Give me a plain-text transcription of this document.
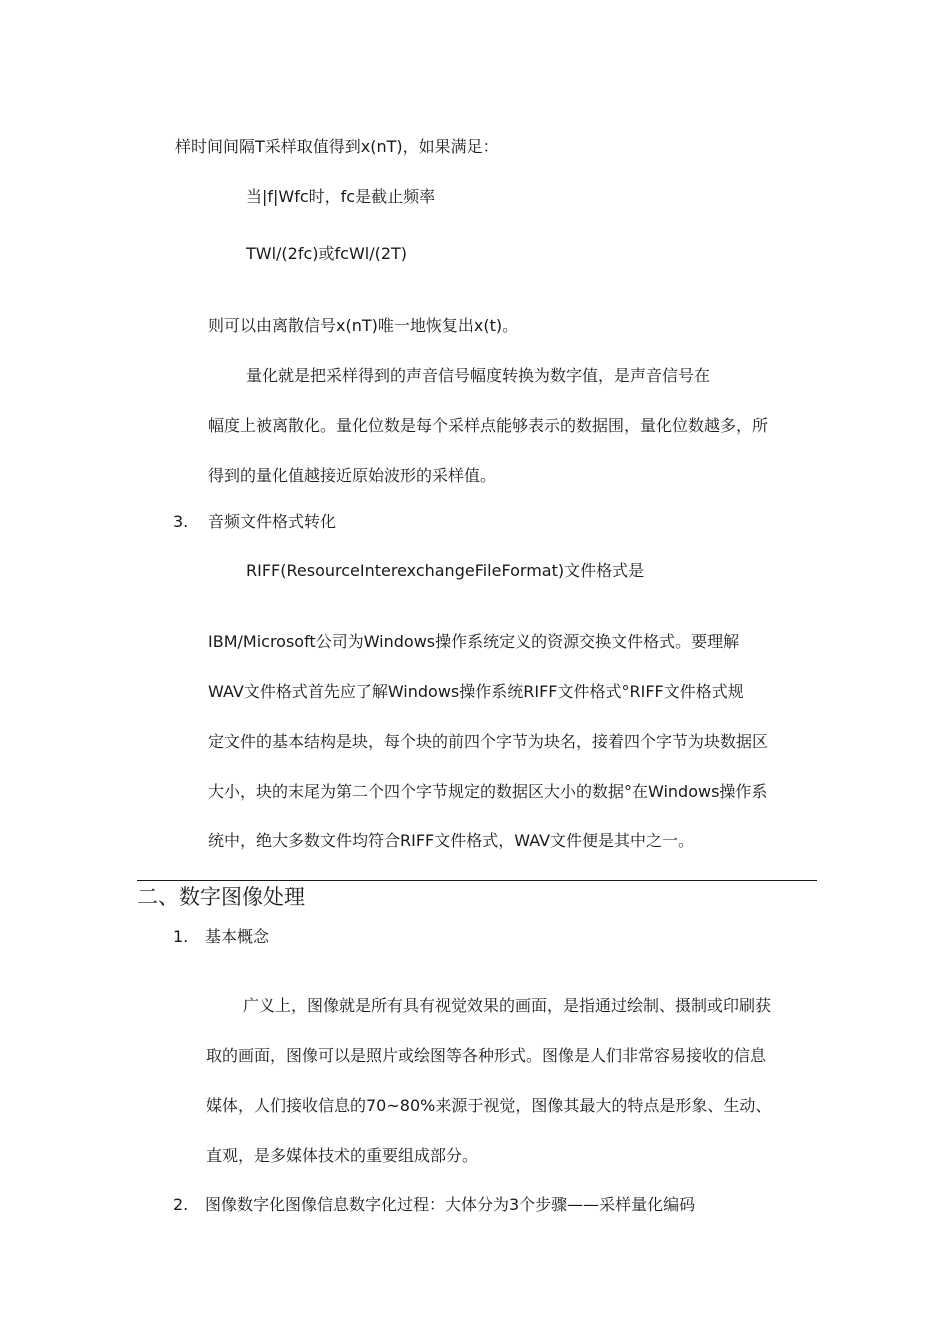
样时间间隔T采样取值得到x(nT)，如果满足：

当|f|Wfc时，fc是截止频率

TWl/(2fc)或fcWl/(2T)

则可以由离散信号x(nT)唯一地恢复出x(t)。

量化就是把采样得到的声音信号幅度转换为数字值，是声音信号在

幅度上被离散化。量化位数是每个采样点能够表示的数据围，量化位数越多，所

得到的量化值越接近原始波形的采样值。

3. 音频文件格式转化

RIFF(ResourceInterexchangeFileFormat)文件格式是

IBM/Microsoft公司为Windows操作系统定义的资源交换文件格式。要理解

WAV文件格式首先应了解Windows操作系统RIFF文件格式°RIFF文件格式规

定文件的基本结构是块，每个块的前四个字节为块名，接着四个字节为块数据区

大小，块的末尾为第二个四个字节规定的数据区大小的数据°在Windows操作系

统中，绝大多数文件均符合RIFF文件格式，WAV文件便是其中之一。

二、数字图像处理
1. 基本概念

广义上，图像就是所有具有视觉效果的画面，是指通过绘制、摄制或印刷获

取的画面，图像可以是照片或绘图等各种形式。图像是人们非常容易接收的信息

媒体，人们接收信息的70~80%来源于视觉，图像其最大的特点是形象、生动、

直观，是多媒体技术的重要组成部分。

2. 图像数字化图像信息数字化过程：大体分为3个步骤——采样量化编码
